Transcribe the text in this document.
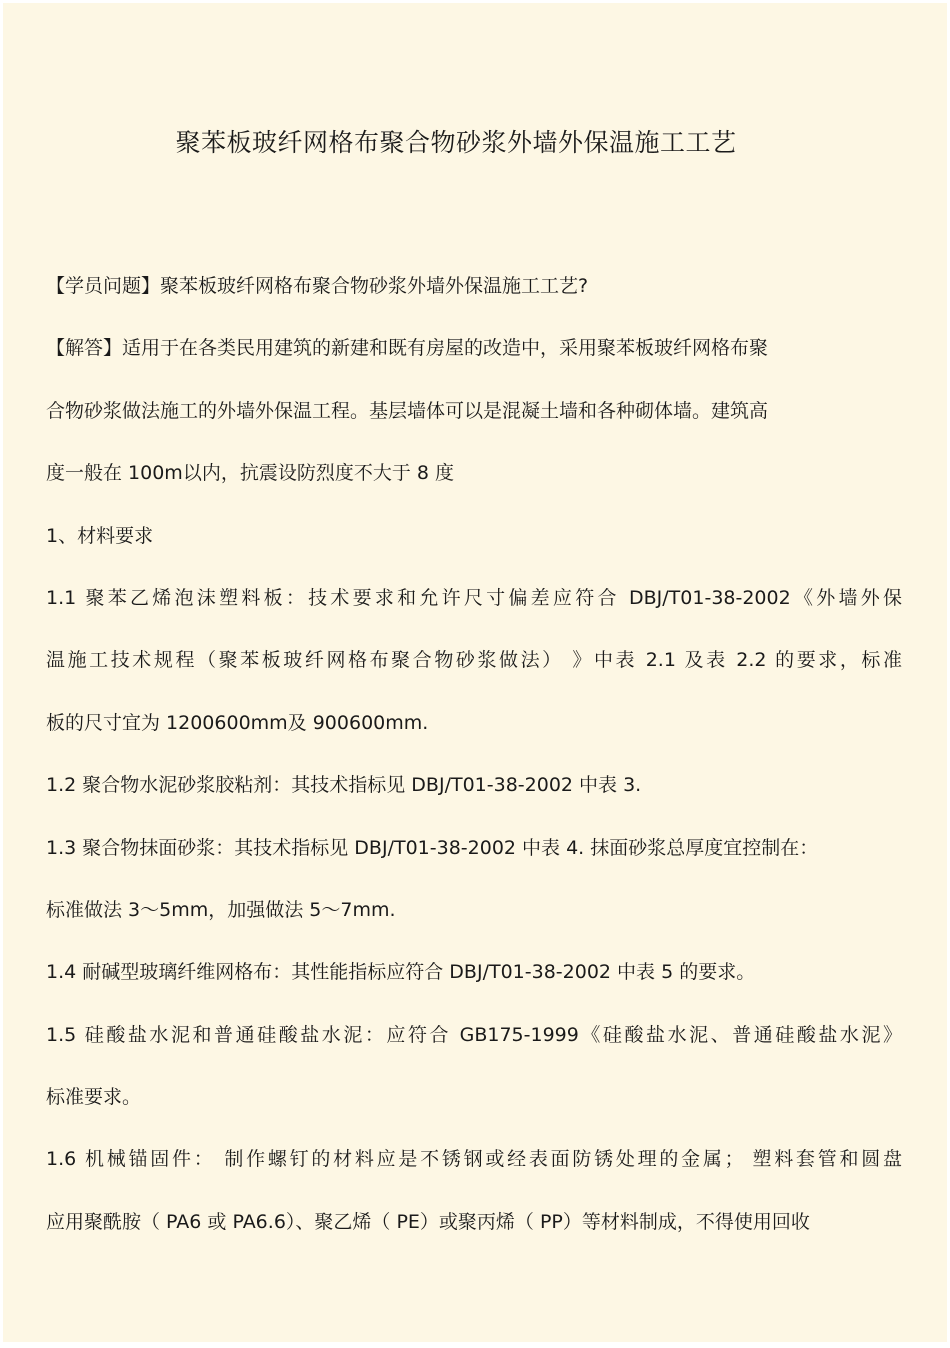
聚苯板玻纤网格布聚合物砂浆外墙外保温施工工艺
【学员问题】聚苯板玻纤网格布聚合物砂浆外墙外保温施工工艺?
【解答】适用于在各类民用建筑的新建和既有房屋的改造中，采用聚苯板玻纤网格布聚
合物砂浆做法施工的外墙外保温工程。基层墙体可以是混凝土墙和各种砌体墙。建筑高
度一般在 100m以内，抗震设防烈度不大于 8 度
1、材料要求
1.1 聚苯乙烯泡沫塑料板：技术要求和允许尺寸偏差应符合 DBJ/T01-38-2002《外墙外保
温施工技术规程（聚苯板玻纤网格布聚合物砂浆做法） 》中表 2.1 及表 2.2 的要求，标准
板的尺寸宜为 1200600mm及 900600mm.
1.2 聚合物水泥砂浆胶粘剂：其技术指标见 DBJ/T01-38-2002 中表 3.
1.3 聚合物抹面砂浆：其技术指标见 DBJ/T01-38-2002 中表 4. 抹面砂浆总厚度宜控制在：
标准做法 3～5mm，加强做法 5～7mm.
1.4 耐碱型玻璃纤维网格布：其性能指标应符合 DBJ/T01-38-2002 中表 5 的要求。
1.5 硅酸盐水泥和普通硅酸盐水泥：应符合 GB175-1999《硅酸盐水泥、普通硅酸盐水泥》
标准要求。
1.6 机械锚固件： 制作螺钉的材料应是不锈钢或经表面防锈处理的金属； 塑料套管和圆盘
应用聚酰胺（ PA6 或 PA6.6）、聚乙烯（ PE）或聚丙烯（ PP）等材料制成，不得使用回收
